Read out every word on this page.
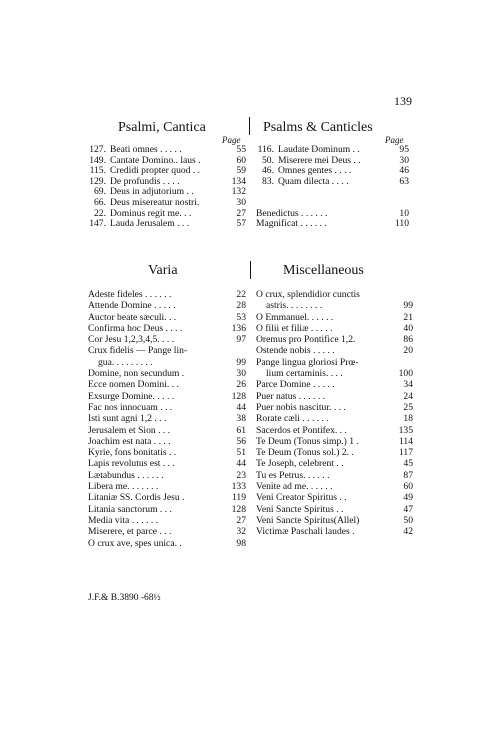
139
Psalmi, Cantica	Psalms & Canticles
Page	Page
127. Beati omnes . . . . .	55
149. Cantate Domino.. laus .	60
115. Credidi propter quod . .	59
129. De profundis . . . .	134
69. Deus in adjutorium . .	132
66. Deus misereatur nostri.	30
22. Dominus regit me. . .	27
147. Lauda Jerusalem . . .	57
116. Laudate Dominum . .	95
50. Miserere mei Deus . .	30
46. Omnes gentes . . . .	46
83. Quam dilecta . . . .	63
Benedictus . . . . . .	10
Magnificat . . . . . .	110
Varia	Miscellaneous
Adeste fideles . . . . . .	22
Attende Domine . . . . .	28
Auctor beate sæculi. . .	53
Confirma hoc Deus . . . .	136
Cor Jesu 1,2,3,4,5. . . .	97
Crux fidelis — Pange lin-
gua. . . . . . . . .	99
Domine, non secundum .	30
Ecce nomen Domini. . .	26
Exsurge Domine. . . . .	128
Fac nos innocuam . . .	44
Isti sunt agni 1,2 . . .	38
Jerusalem et Sion . . .	61
Joachim est nata . . . .	56
Kyrie, fons bonitatis . .	51
Lapis revolutus est . . .	44
Lætabundus . . . . . .	23
Libera me. . . . . . .	133
Litaniæ SS. Cordis Jesu .	119
Litania sanctorum . . .	128
Media vita . . . . . .	27
Miserere, et parce . . .	32
O crux ave, spes unica. .	98
O crux, splendidior cunctis
astris. . . . . . . .	99
O Emmanuel. . . . . .	21
O filii et filiæ . . . . .	40
Oremus pro Pontifice 1,2.	86
Ostende nobis . . . . .	20
Pange lingua gloriosi Prœ-
lium certaminis. . . .	100
Parce Domine . . . . .	34
Puer natus . . . . . .	24
Puer nobis nascitur. . . .	25
Rorate cæli . . . . . .	18
Sacerdos et Pontifex. . .	135
Te Deum (Tonus simp.) 1 .	114
Te Deum (Tonus sol.) 2. .	117
Te Joseph, celebrent . .	45
Tu es Petrus. . . . . .	87
Venite ad me. . . . . .	60
Veni Creator Spiritus . .	49
Veni Sancte Spiritus . .	47
Veni Sancte Spiritus(Allel)	50
Victimæ Paschali laudes .	42
J.F.& B.3890 -68½
